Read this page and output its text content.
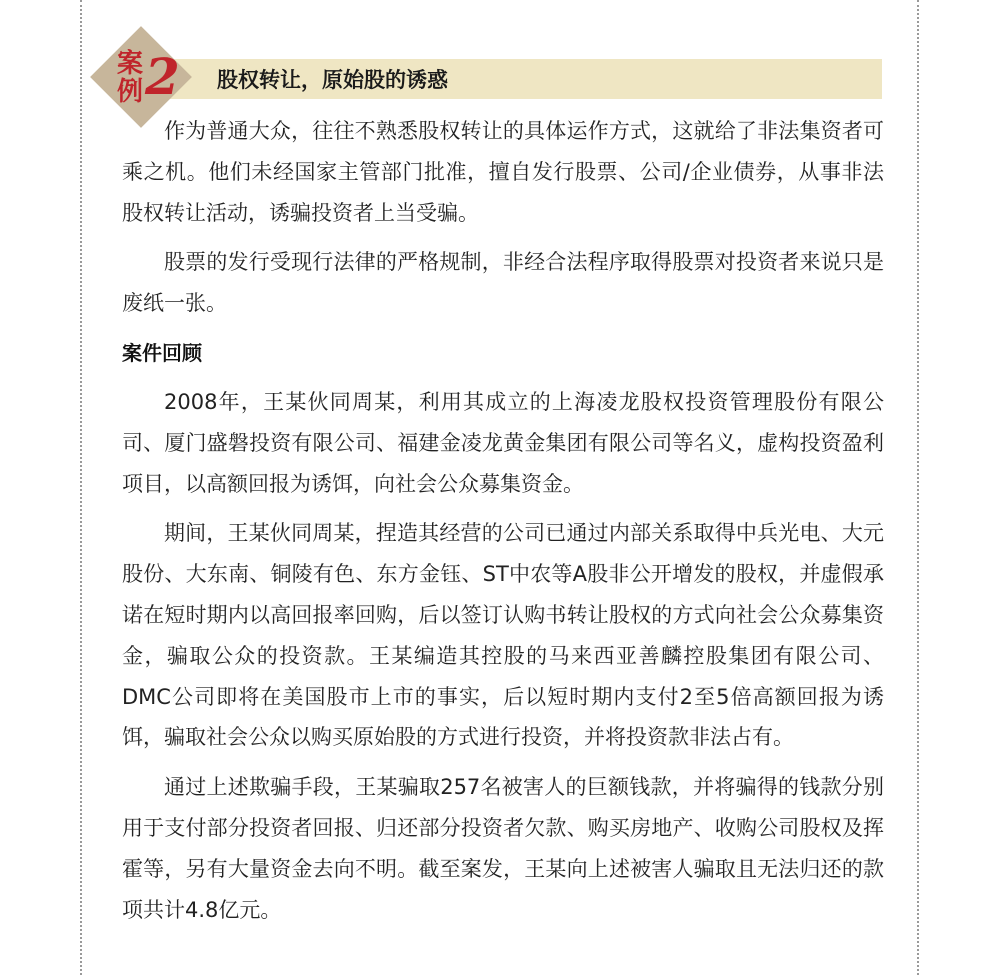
股权转让，原始股的诱惑
案
例 2

作为普通大众，往往不熟悉股权转让的具体运作方式，这就给了非法集资者可乘之机。他们未经国家主管部门批准，擅自发行股票、公司/企业债券，从事非法股权转让活动，诱骗投资者上当受骗。

股票的发行受现行法律的严格规制，非经合法程序取得股票对投资者来说只是废纸一张。

案件回顾

2008年，王某伙同周某，利用其成立的上海凌龙股权投资管理股份有限公司、厦门盛磐投资有限公司、福建金凌龙黄金集团有限公司等名义，虚构投资盈利项目，以高额回报为诱饵，向社会公众募集资金。

期间，王某伙同周某，捏造其经营的公司已通过内部关系取得中兵光电、大元股份、大东南、铜陵有色、东方金钰、ST中农等A股非公开增发的股权，并虚假承诺在短时期内以高回报率回购，后以签订认购书转让股权的方式向社会公众募集资金，骗取公众的投资款。王某编造其控股的马来西亚善麟控股集团有限公司、DMC公司即将在美国股市上市的事实，后以短时期内支付2至5倍高额回报为诱饵，骗取社会公众以购买原始股的方式进行投资，并将投资款非法占有。

通过上述欺骗手段，王某骗取257名被害人的巨额钱款，并将骗得的钱款分别用于支付部分投资者回报、归还部分投资者欠款、购买房地产、收购公司股权及挥霍等，另有大量资金去向不明。截至案发，王某向上述被害人骗取且无法归还的款项共计4.8亿元。
